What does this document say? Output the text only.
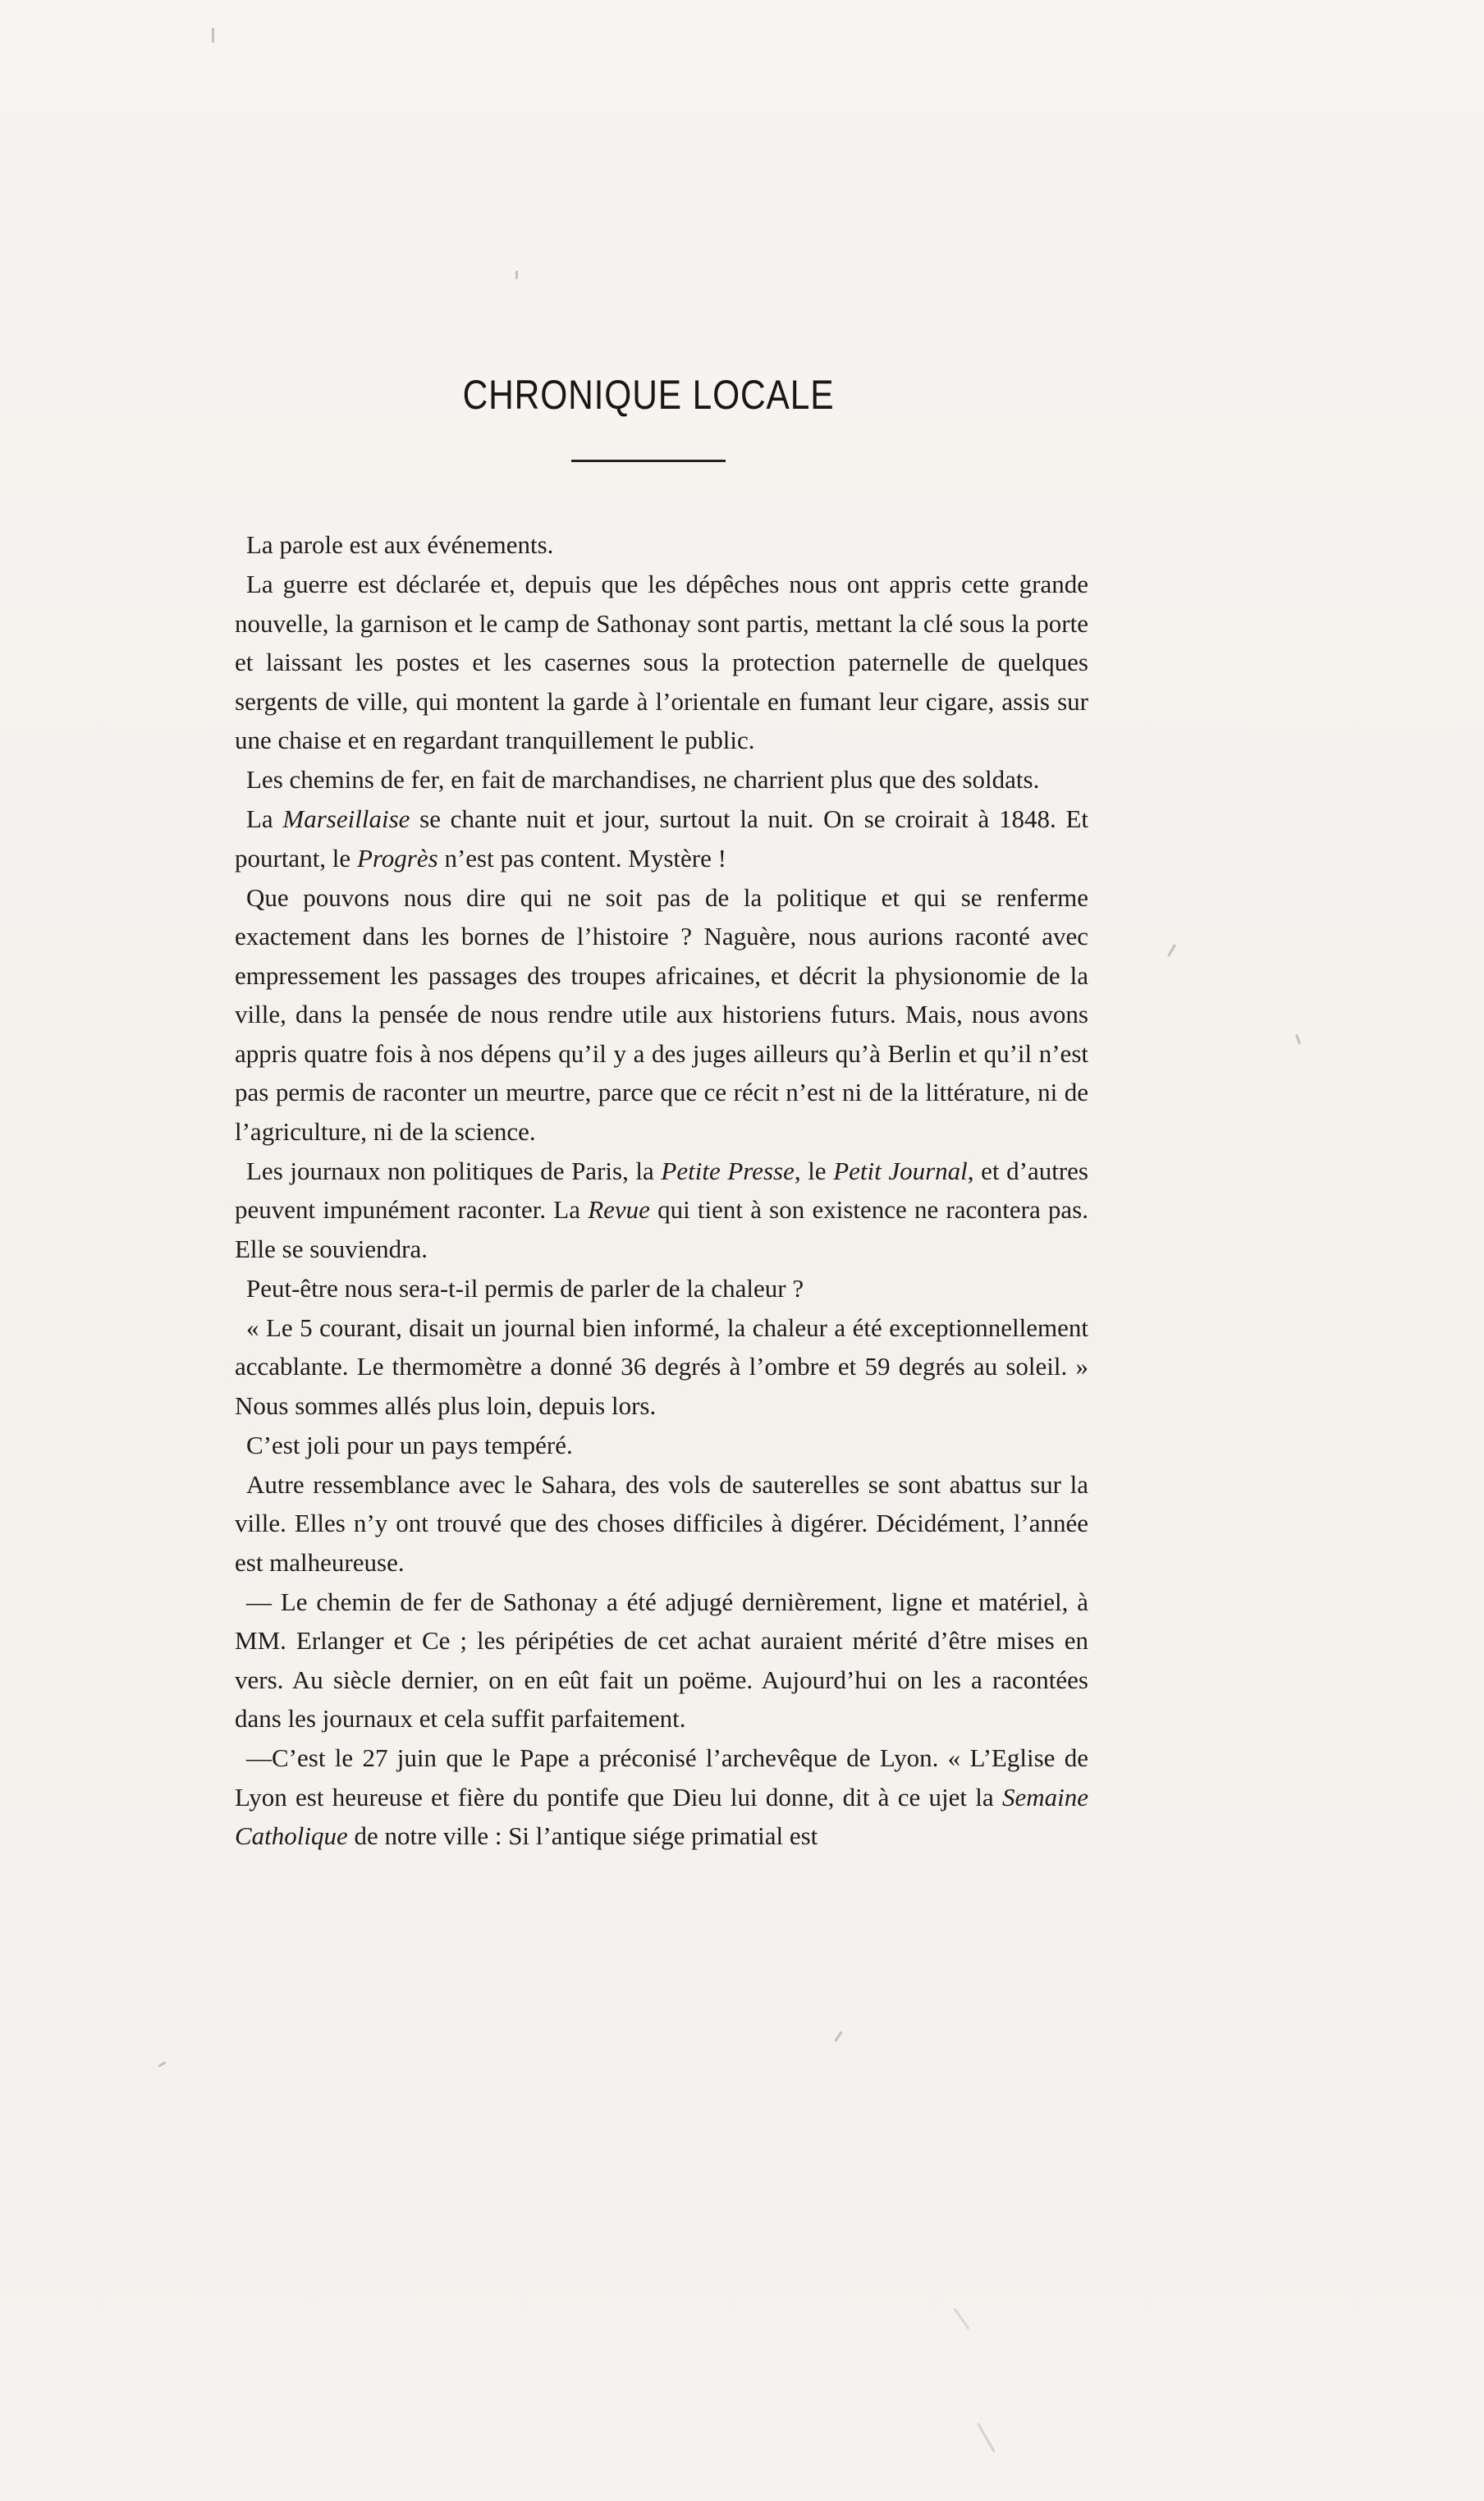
CHRONIQUE LOCALE

La parole est aux événements.

La guerre est déclarée et, depuis que les dépêches nous ont appris cette grande nouvelle, la garnison et le camp de Sathonay sont partis, mettant la clé sous la porte et laissant les postes et les casernes sous la protection paternelle de quelques sergents de ville, qui montent la garde à l’orientale en fumant leur cigare, assis sur une chaise et en regardant tranquillement le public.

Les chemins de fer, en fait de marchandises, ne charrient plus que des soldats.

La Marseillaise se chante nuit et jour, surtout la nuit. On se croirait à 1848. Et pourtant, le Progrès n’est pas content. Mystère !

Que pouvons nous dire qui ne soit pas de la politique et qui se renferme exactement dans les bornes de l’histoire ? Naguère, nous aurions raconté avec empressement les passages des troupes africaines, et décrit la physionomie de la ville, dans la pensée de nous rendre utile aux historiens futurs. Mais, nous avons appris quatre fois à nos dépens qu’il y a des juges ailleurs qu’à Berlin et qu’il n’est pas permis de raconter un meurtre, parce que ce récit n’est ni de la littérature, ni de l’agriculture, ni de la science.

Les journaux non politiques de Paris, la Petite Presse, le Petit Journal, et d’autres peuvent impunément raconter. La Revue qui tient à son existence ne racontera pas. Elle se souviendra.

Peut-être nous sera-t-il permis de parler de la chaleur ?

« Le 5 courant, disait un journal bien informé, la chaleur a été exceptionnellement accablante. Le thermomètre a donné 36 degrés à l’ombre et 59 degrés au soleil. » Nous sommes allés plus loin, depuis lors.

C’est joli pour un pays tempéré.

Autre ressemblance avec le Sahara, des vols de sauterelles se sont abattus sur la ville. Elles n’y ont trouvé que des choses difficiles à digérer. Décidément, l’année est malheureuse.

— Le chemin de fer de Sathonay a été adjugé dernièrement, ligne et matériel, à MM. Erlanger et Ce ; les péripéties de cet achat auraient mérité d’être mises en vers. Au siècle dernier, on en eût fait un poëme. Aujourd’hui on les a racontées dans les journaux et cela suffit parfaitement.

—C’est le 27 juin que le Pape a préconisé l’archevêque de Lyon. « L’Eglise de Lyon est heureuse et fière du pontife que Dieu lui donne, dit à ce ujet la Semaine Catholique de notre ville : Si l’antique siége primatial est
